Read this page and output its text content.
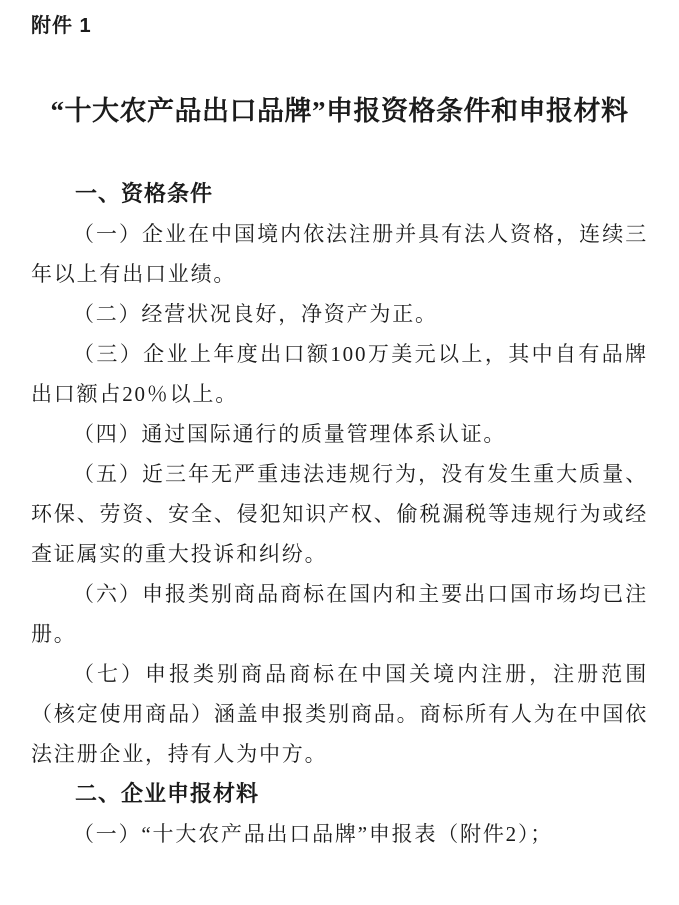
附件 1

“十大农产品出口品牌”申报资格条件和申报材料
一、资格条件

（一）企业在中国境内依法注册并具有法人资格，连续三年以上有出口业绩。

（二）经营状况良好，净资产为正。

（三）企业上年度出口额100万美元以上，其中自有品牌出口额占20％以上。

（四）通过国际通行的质量管理体系认证。

（五）近三年无严重违法违规行为，没有发生重大质量、环保、劳资、安全、侵犯知识产权、偷税漏税等违规行为或经查证属实的重大投诉和纠纷。

（六）申报类别商品商标在国内和主要出口国市场均已注册。

（七）申报类别商品商标在中国关境内注册，注册范围（核定使用商品）涵盖申报类别商品。商标所有人为在中国依法注册企业，持有人为中方。

二、企业申报材料

（一）“十大农产品出口品牌”申报表（附件2）；
